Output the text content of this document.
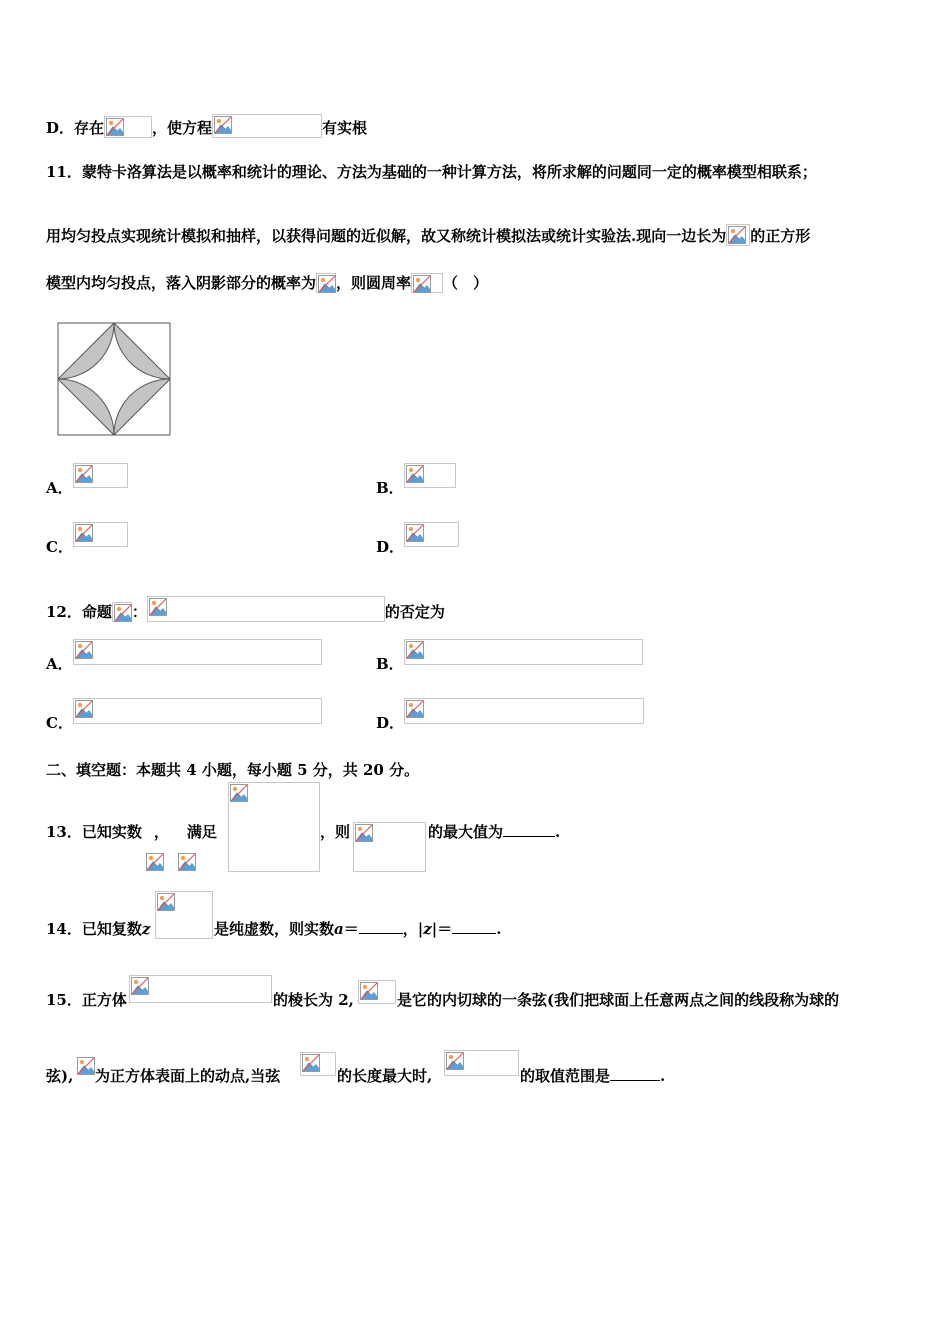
D．存在	，使方程	有实根
11．蒙特卡洛算法是以概率和统计的理论、方法为基础的一种计算方法，将所求解的问题同一定的概率模型相联系；
用均匀投点实现统计模拟和抽样，以获得问题的近似解，故又称统计模拟法或统计实验法.现向一边长为 的正方形
模型内均匀投点，落入阴影部分的概率为 ，则圆周率 （　）
A．	B．
C．	D．
12．命题 ：	的否定为
A．	B．
C．	D．
二、填空题：本题共 4 小题，每小题 5 分，共 20 分。
13．已知实数 ， 满足	，则	的最大值为	.
14．已知复数z	是纯虚数，则实数a＝	，|z|＝	.
15．正方体	的棱长为 2,	是它的内切球的一条弦(我们把球面上任意两点之间的线段称为球的
弦), 为正方体表面上的动点,当弦	的长度最大时,	的取值范围是	.
